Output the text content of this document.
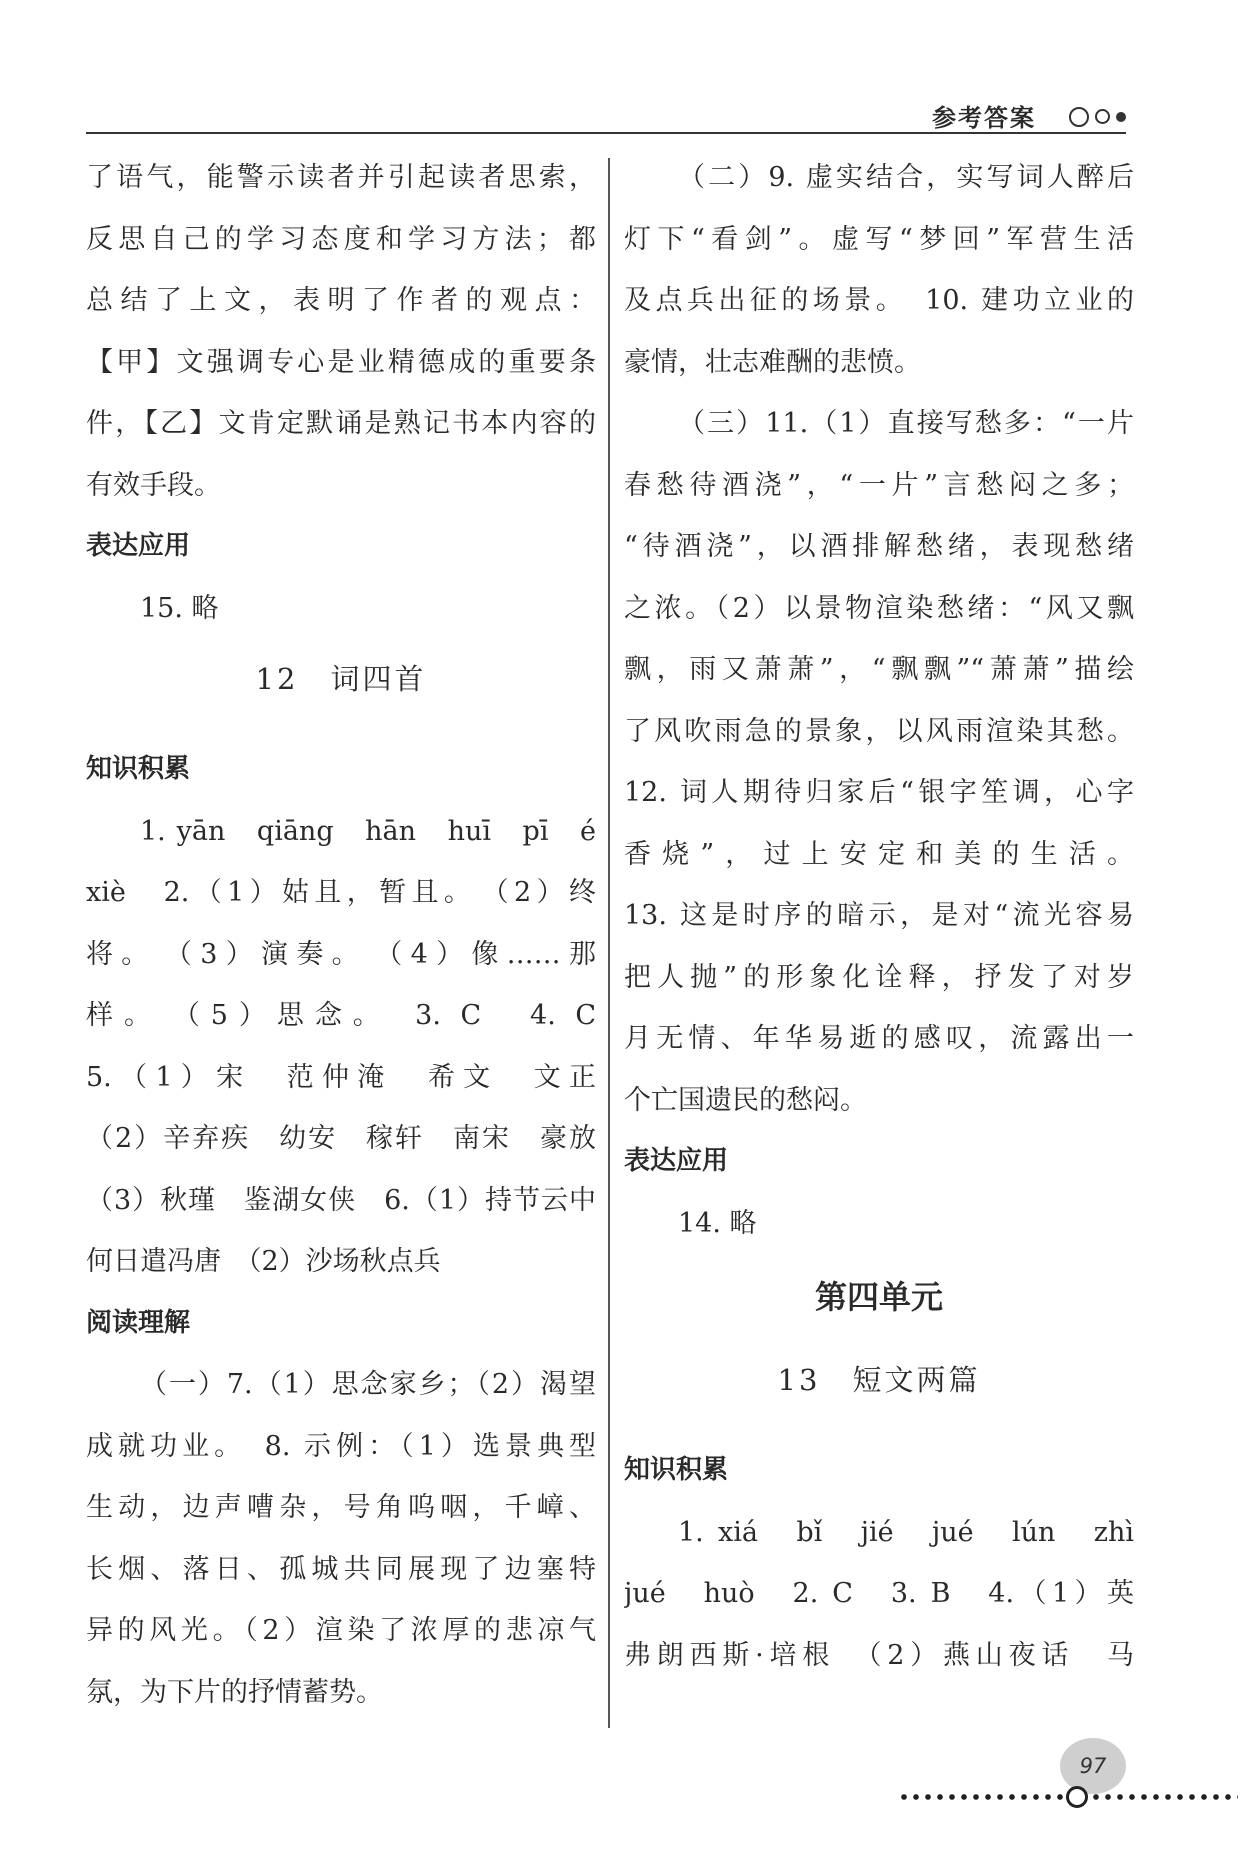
参考答案
了语气，能警示读者并引起读者思索，
反思自己的学习态度和学习方法；都
总结了上文，表明了作者的观点：
【甲】文强调专心是业精德成的重要条
件，【乙】文肯定默诵是熟记书本内容的
有效手段。
表达应用
15. 略
12　词四首
知识积累
1. yān　qiāng　hān　huī　pī　é
xiè　2.（1）姑且，暂且。　（2）终
将。　（3）演奏。　（4）像……那
样。　（5）思念。　3. C　4. C
5.（1）宋　范仲淹　希文　文正
（2）辛弃疾　幼安　稼轩　南宋　豪放
（3）秋瑾　鉴湖女侠　6.（1）持节云中
何日遣冯唐　（2）沙场秋点兵
阅读理解
（一）7.（1）思念家乡；（2）渴望
成就功业。　8. 示例：（1）选景典型
生动，边声嘈杂，号角呜咽，千嶂、
长烟、落日、孤城共同展现了边塞特
异的风光。（2）渲染了浓厚的悲凉气
氛，为下片的抒情蓄势。
（二）9. 虚实结合，实写词人醉后
灯下“看剑”。虚写“梦回”军营生活
及点兵出征的场景。　10. 建功立业的
豪情，壮志难酬的悲愤。
（三）11.（1）直接写愁多：“一片
春愁待酒浇”，“一片”言愁闷之多；
“待酒浇”，以酒排解愁绪，表现愁绪
之浓。（2）以景物渲染愁绪：“风又飘
飘，雨又萧萧”，“飘飘”“萧萧”描绘
了风吹雨急的景象，以风雨渲染其愁。
12. 词人期待归家后“银字笙调，心字
香烧”，过上安定和美的生活。
13. 这是时序的暗示，是对“流光容易
把人抛”的形象化诠释，抒发了对岁
月无情、年华易逝的感叹，流露出一
个亡国遗民的愁闷。
表达应用
14. 略
第四单元
13　短文两篇
知识积累
1. xiá　bǐ　jié　jué　lún　zhì
jué　huò　2. C　3. B　4.（1）英
弗朗西斯·培根　（2）燕山夜话　马
97
